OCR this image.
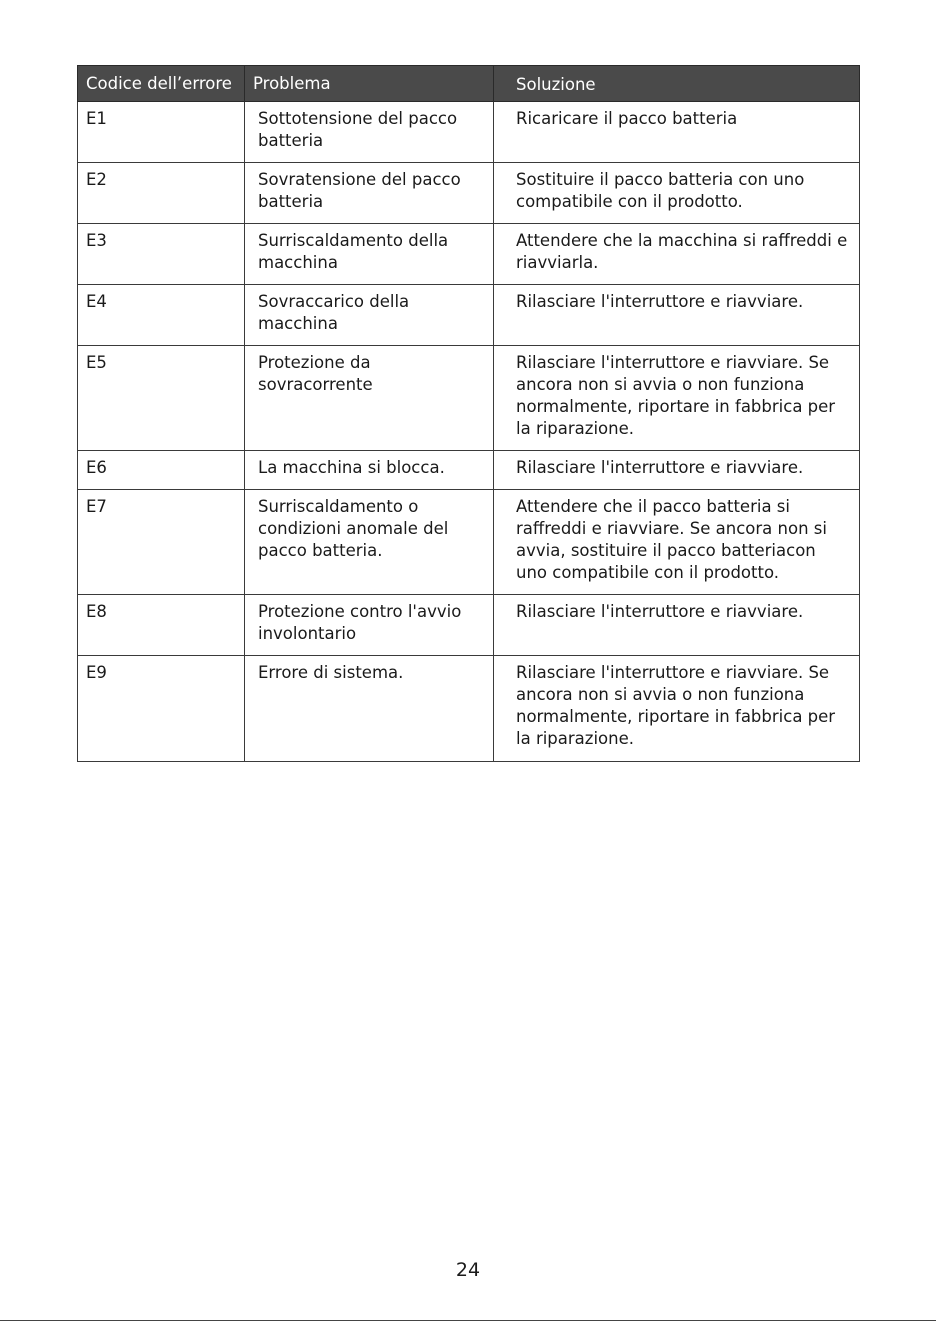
Codice dell’errore	Problema	Soluzione
E1	Sottotensione del pacco batteria	Ricaricare il pacco batteria
E2	Sovratensione del pacco batteria	Sostituire il pacco batteria con uno compatibile con il prodotto.
E3	Surriscaldamento della macchina	Attendere che la macchina si raffreddi e riavviarla.
E4	Sovraccarico della macchina	Rilasciare l'interruttore e riavviare.
E5	Protezione da sovracorrente	Rilasciare l'interruttore e riavviare. Se ancora non si avvia o non funziona normalmente, riportare in fabbrica per la riparazione.
E6	La macchina si blocca.	Rilasciare l'interruttore e riavviare.
E7	Surriscaldamento o condizioni anomale del pacco batteria.	Attendere che il pacco batteria si raffreddi e riavviare. Se ancora non si avvia, sostituire il pacco batteriacon uno compatibile con il prodotto.
E8	Protezione contro l'avvio involontario	Rilasciare l'interruttore e riavviare.
E9	Errore di sistema.	Rilasciare l'interruttore e riavviare. Se ancora non si avvia o non funziona normalmente, riportare in fabbrica per la riparazione.
24
